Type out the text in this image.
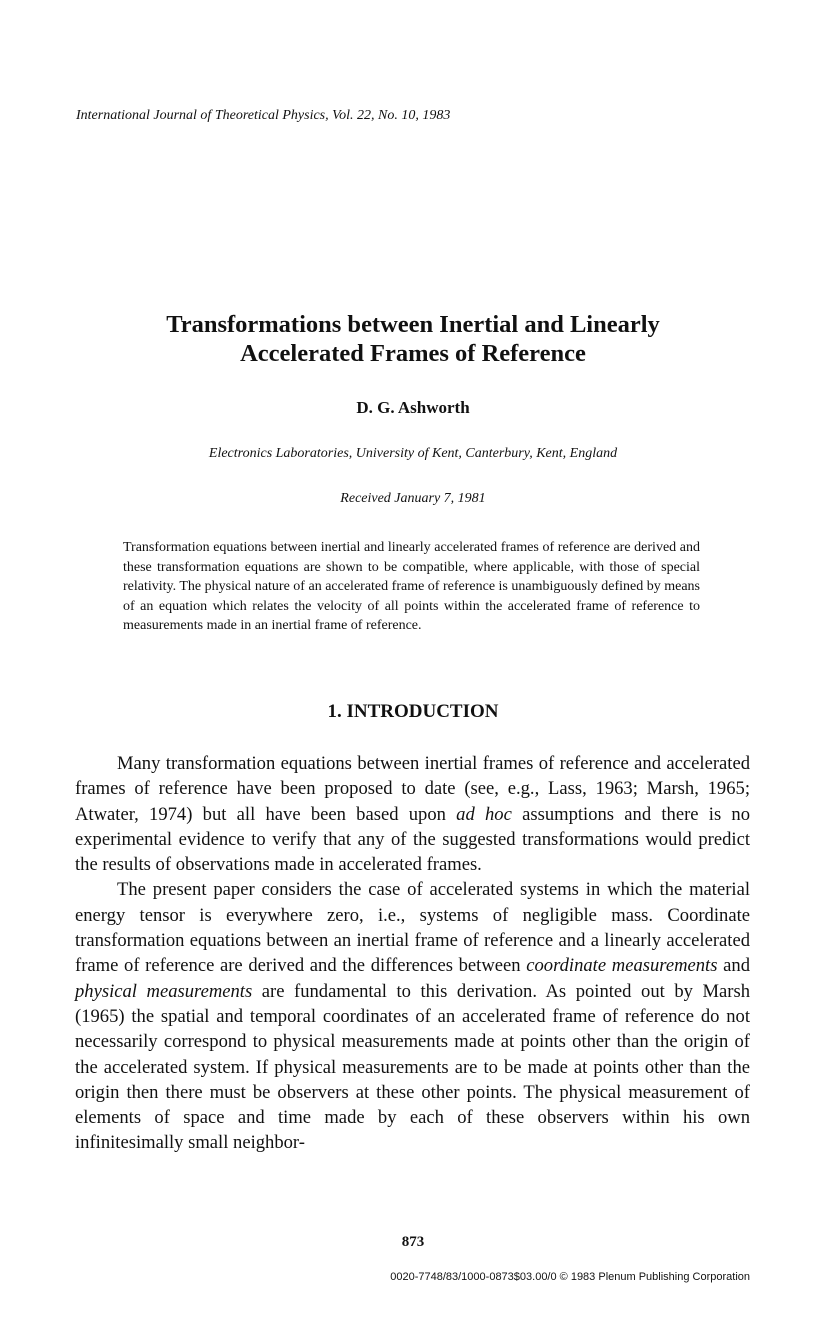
International Journal of Theoretical Physics, Vol. 22, No. 10, 1983
Transformations between Inertial and Linearly
Accelerated Frames of Reference
D. G. Ashworth
Electronics Laboratories, University of Kent, Canterbury, Kent, England
Received January 7, 1981
Transformation equations between inertial and linearly accelerated frames of reference are derived and these transformation equations are shown to be compatible, where applicable, with those of special relativity. The physical nature of an accelerated frame of reference is unambiguously defined by means of an equation which relates the velocity of all points within the accelerated frame of reference to measurements made in an inertial frame of reference.
1. INTRODUCTION

Many transformation equations between inertial frames of reference and accelerated frames of reference have been proposed to date (see, e.g., Lass, 1963; Marsh, 1965; Atwater, 1974) but all have been based upon ad hoc assumptions and there is no experimental evidence to verify that any of the suggested transformations would predict the results of observations made in accelerated frames.

The present paper considers the case of accelerated systems in which the material energy tensor is everywhere zero, i.e., systems of negligible mass. Coordinate transformation equations between an inertial frame of reference and a linearly accelerated frame of reference are derived and the differences between coordinate measurements and physical measurements are fundamental to this derivation. As pointed out by Marsh (1965) the spatial and temporal coordinates of an accelerated frame of reference do not necessarily correspond to physical measurements made at points other than the origin of the accelerated system. If physical measurements are to be made at points other than the origin then there must be observers at these other points. The physical measurement of elements of space and time made by each of these observers within his own infinitesimally small neighbor-

873
0020-7748/83/1000-0873$03.00/0 © 1983 Plenum Publishing Corporation
